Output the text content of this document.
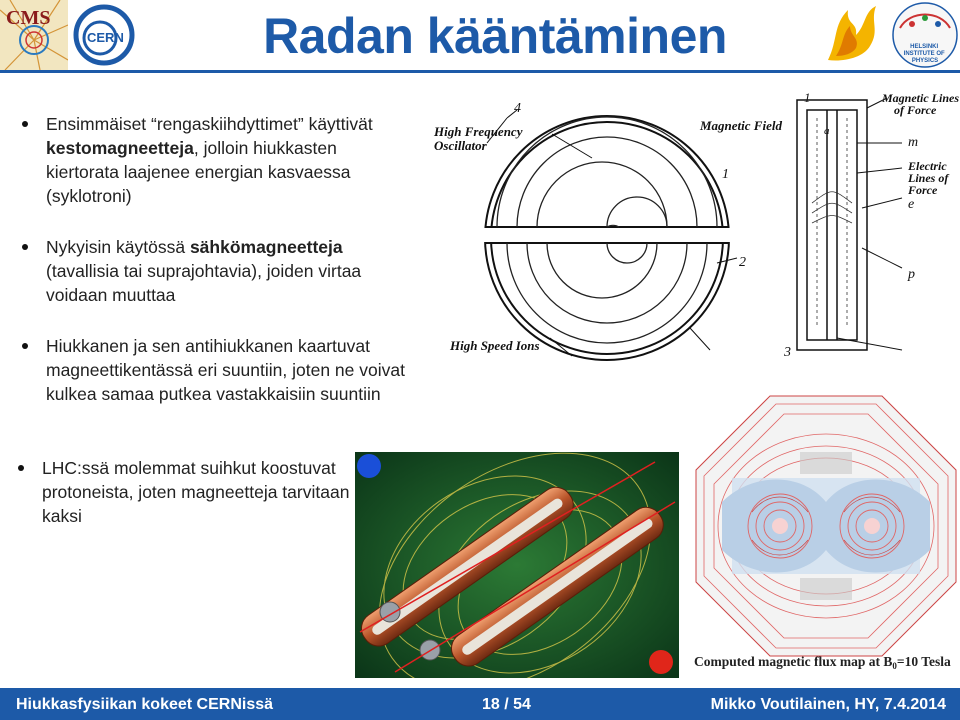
CMS
CERN	Radan kääntäminen	HELSINKI INSTITUTE OF PHYSICS
Ensimmäiset “rengaskiihdyttimet” käyttivät kestomagneetteja, jolloin hiukkasten kiertorata laajenee energian kasvaessa (syklotroni)
Nykyisin käytössä sähkömagneetteja (tavallisia tai suprajohtavia), joiden virtaa voidaan muuttaa
Hiukkanen ja sen antihiukkanen kaartuvat magneettikentässä eri suuntiin, joten ne voivat kulkea samaa putkea vastakkaisiin suuntiin
LHC:ssä molemmat suihkut koostuvat protoneista, joten magneetteja tarvitaan kaksi
High Frequency
Oscillator
4
Magnetic Field
1
2
High Speed Ions	3
1	Magnetic Lines of Force
m
Electric Lines of Force
e
p
a
Computed magnetic flux map at $B_0=10$ Tesla
Hiukkasfysiikan kokeet CERNissä	18 / 54	Mikko Voutilainen, HY, 7.4.2014
